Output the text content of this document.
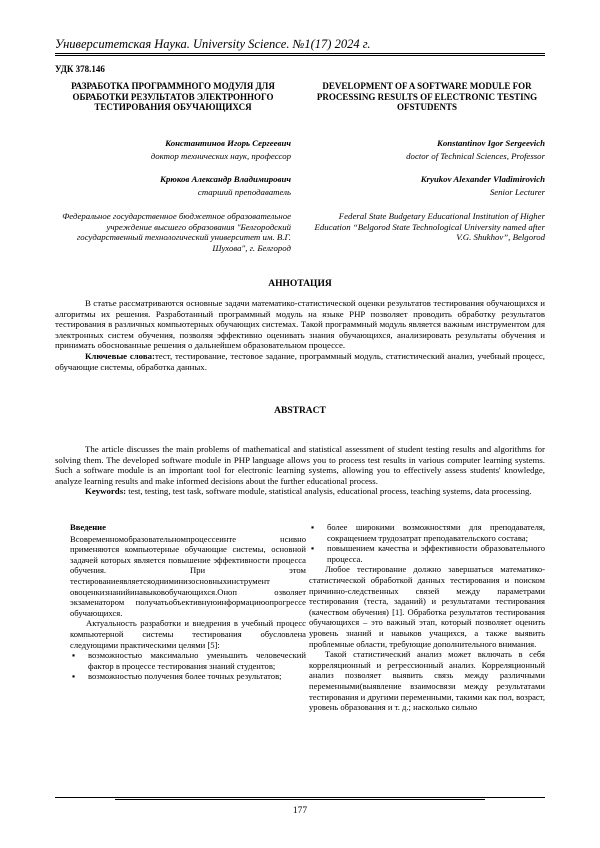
Университетская Наука. University Science. №1(17) 2024 г.
УДК 378.146
РАЗРАБОТКА ПРОГРАММНОГО МОДУЛЯ ДЛЯ ОБРАБОТКИ РЕЗУЛЬТАТОВ ЭЛЕКТРОННОГО ТЕСТИРОВАНИЯ ОБУЧАЮЩИХСЯ
Константинов Игорь Сергеевич
доктор технических наук, профессор
Крюков Александр Владимирович
старший преподаватель
Федеральное государственное бюджетное образовательное учреждение высшего образования "Белгородский государственный технологический университет им. В.Г. Шухова", г. Белгород
DEVELOPMENT OF A SOFTWARE MODULE FOR PROCESSING RESULTS OF ELECTRONIC TESTING OFSTUDENTS
Konstantinov Igor Sergeevich
doctor of Technical Sciences, Professor
Kryukov Alexander Vladimirovich
Senior Lecturer
Federal State Budgetary Educational Institution of Higher Education “Belgorod State Technological University named after V.G. Shukhov”, Belgorod
АННОТАЦИЯ

В статье рассматриваются основные задачи математико-статистической оценки результатов тестирования обучающихся и алгоритмы их решения. Разработанный программный модуль на языке PHP позволяет проводить обработку результатов тестирования в различных компьютерных обучающих системах. Такой программный модуль является важным инструментом для электронных систем обучения, позволяя эффективно оценивать знания обучающихся, анализировать результаты обучения и принимать обоснованные решения о дальнейшем образовательном процессе.

Ключевые слова:тест, тестирование, тестовое задание, программный модуль, статистический анализ, учебный процесс, обучающие системы, обработка данных.

ABSTRACT

The article discusses the main problems of mathematical and statistical assessment of student testing results and algorithms for solving them. The developed software module in PHP language allows you to process test results in various computer learning systems. Such a software module is an important tool for electronic learning systems, allowing you to effectively assess students' knowledge, analyze learning results and make informed decisions about the further educational process.

Keywords: test, testing, test task, software module, statistical analysis, educational process, teaching systems, data processing.

Введение

Всовременномобразовательномпроцессеинте нсивно применяются компьютерные обучающие системы, основной задачей которых является повышение эффективности процесса обучения. При этом тестированиеявляетсяодниминизосновныхинструмент овоценкизнанийинавыковобучающихся.Оноп озволяет экзаменатором получатьобъективнуюинформациюопрогрессе обучающихся.

Актуальность разработки и внедрения в учебный процесс компьютерной системы тестирования обусловлена следующими практическими целями [5]:

▪ возможностью максимально уменьшить человеческий фактор в процессе тестирования знаний студентов;
▪ возможностью получения более точных результатов;
▪ более широкими возможностями для преподавателя, сокращением трудозатрат преподавательского состава;
▪ повышением качества и эффективности образовательного процесса.

Любое тестирование должно завершаться математико-статистической обработкой данных тестирования и поиском причинно-следственных связей между параметрами тестирования (теста, заданий) и результатами тестирования (качеством обучения) [1]. Обработка результатов тестирования обучающихся – это важный этап, который позволяет оценить уровень знаний и навыков учащихся, а также выявить проблемные области, требующие дополнительного внимания.

Такой статистический анализ может включать в себя корреляционный и регрессионный анализ. Корреляционный анализ позволяет выявить связь между различными переменными(выявление взаимосвязи между результатами тестирования и другими переменными, такими как пол, возраст, уровень образования и т. д.; насколько сильно

177
